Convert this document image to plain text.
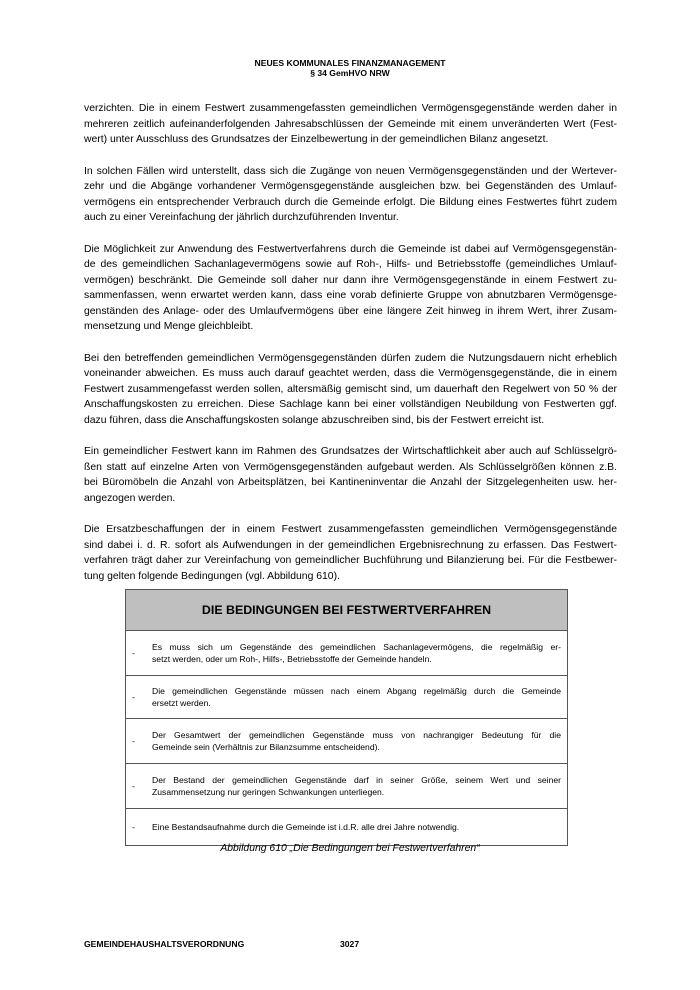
NEUES KOMMUNALES FINANZMANAGEMENT
§ 34 GemHVO NRW
verzichten. Die in einem Festwert zusammengefassten gemeindlichen Vermögensgegenstände werden daher in
mehreren zeitlich aufeinanderfolgenden Jahresabschlüssen der Gemeinde mit einem unveränderten Wert (Fest-
wert) unter Ausschluss des Grundsatzes der Einzelbewertung in der gemeindlichen Bilanz angesetzt.
In solchen Fällen wird unterstellt, dass sich die Zugänge von neuen Vermögensgegenständen und der Wertever-
zehr und die Abgänge vorhandener Vermögensgegenstände ausgleichen bzw. bei Gegenständen des Umlauf-
vermögens ein entsprechender Verbrauch durch die Gemeinde erfolgt. Die Bildung eines Festwertes führt zudem
auch zu einer Vereinfachung der jährlich durchzuführenden Inventur.
Die Möglichkeit zur Anwendung des Festwertverfahrens durch die Gemeinde ist dabei auf Vermögensgegenstän-
de des gemeindlichen Sachanlagevermögens sowie auf Roh-, Hilfs- und Betriebsstoffe (gemeindliches Umlauf-
vermögen) beschränkt. Die Gemeinde soll daher nur dann ihre Vermögensgegenstände in einem Festwert zu-
sammenfassen, wenn erwartet werden kann, dass eine vorab definierte Gruppe von abnutzbaren Vermögensge-
genständen des Anlage- oder des Umlaufvermögens über eine längere Zeit hinweg in ihrem Wert, ihrer Zusam-
mensetzung und Menge gleichbleibt.
Bei den betreffenden gemeindlichen Vermögensgegenständen dürfen zudem die Nutzungsdauern nicht erheblich
voneinander abweichen. Es muss auch darauf geachtet werden, dass die Vermögensgegenstände, die in einem
Festwert zusammengefasst werden sollen, altersmäßig gemischt sind, um dauerhaft den Regelwert von 50 % der
Anschaffungskosten zu erreichen. Diese Sachlage kann bei einer vollständigen Neubildung von Festwerten ggf.
dazu führen, dass die Anschaffungskosten solange abzuschreiben sind, bis der Festwert erreicht ist.
Ein gemeindlicher Festwert kann im Rahmen des Grundsatzes der Wirtschaftlichkeit aber auch auf Schlüsselgrö-
ßen statt auf einzelne Arten von Vermögensgegenständen aufgebaut werden. Als Schlüsselgrößen können z.B.
bei Büromöbeln die Anzahl von Arbeitsplätzen, bei Kantineninventar die Anzahl der Sitzgelegenheiten usw. her-
angezogen werden.
Die Ersatzbeschaffungen der in einem Festwert zusammengefassten gemeindlichen Vermögensgegenstände
sind dabei i. d. R. sofort als Aufwendungen in der gemeindlichen Ergebnisrechnung zu erfassen. Das Festwert-
verfahren trägt daher zur Vereinfachung von gemeindlicher Buchführung und Bilanzierung bei. Für die Festbewer-
tung gelten folgende Bedingungen (vgl. Abbildung 610).
DIE BEDINGUNGEN BEI FESTWERTVERFAHREN
-
Es muss sich um Gegenstände des gemeindlichen Sachanlagevermögens, die regelmäßig er-
setzt werden, oder um Roh-, Hilfs-, Betriebsstoffe der Gemeinde handeln.
-
Die gemeindlichen Gegenstände müssen nach einem Abgang regelmäßig durch die Gemeinde
ersetzt werden.
-
Der Gesamtwert der gemeindlichen Gegenstände muss von nachrangiger Bedeutung für die
Gemeinde sein (Verhältnis zur Bilanzsumme entscheidend).
-
Der Bestand der gemeindlichen Gegenstände darf in seiner Größe, seinem Wert und seiner
Zusammensetzung nur geringen Schwankungen unterliegen.
-	Eine Bestandsaufnahme durch die Gemeinde ist i.d.R. alle drei Jahre notwendig.
Abbildung 610 „Die Bedingungen bei Festwertverfahren“
GEMEINDEHAUSHALTSVERORDNUNG	3027
